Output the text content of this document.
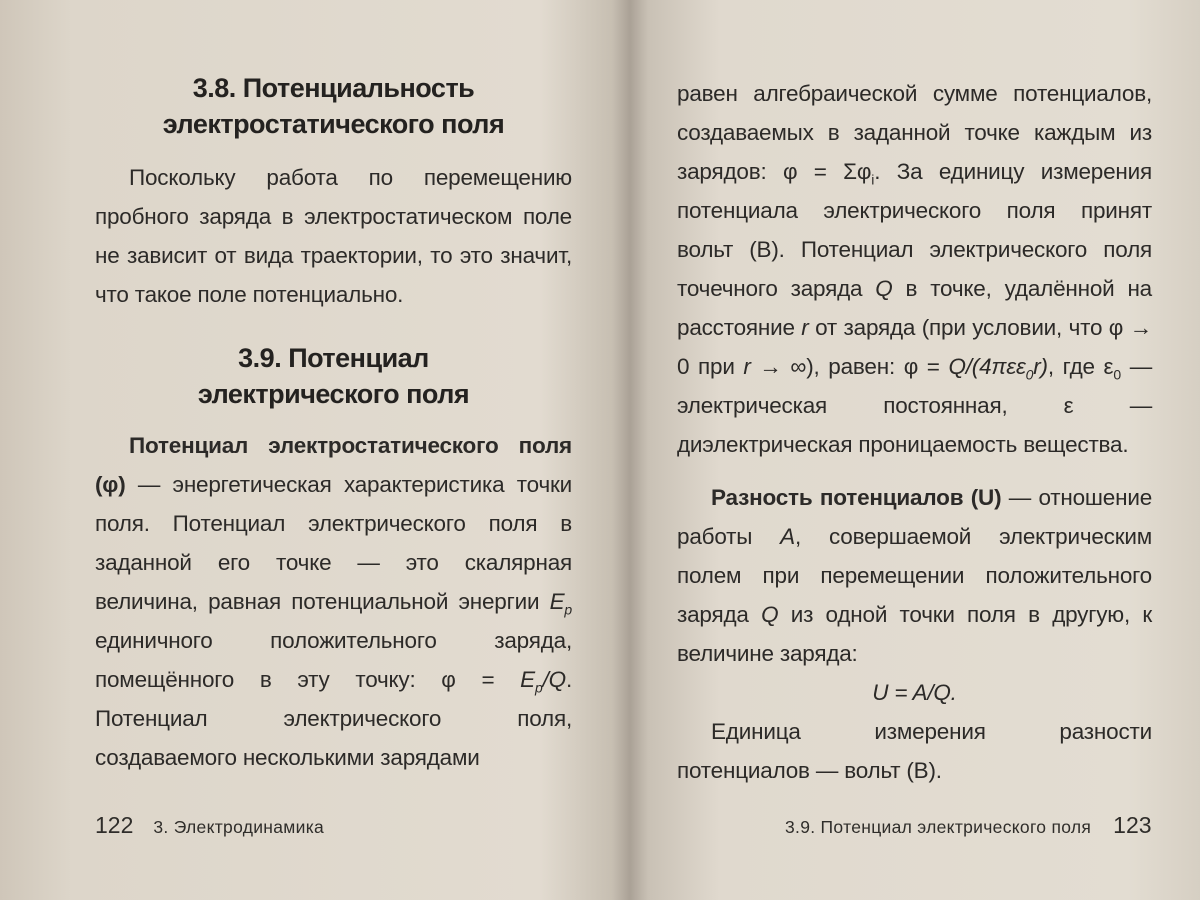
3.8. Потенциальность
электростатического поля

Поскольку работа по перемещению пробного заряда в электростатическом поле не зависит от вида траектории, то это значит, что такое поле потенциально.

3.9. Потенциал
электрического поля

Потенциал электростатического поля (φ) — энергетическая характеристика точки поля. Потенциал электрического поля в заданной его точке — это скалярная величина, равная потенциальной энергии $E_p$ единичного положительного заряда, помещённого в эту точку: $\varphi = E_p/Q$. Потенциал электрического поля, создаваемого несколькими зарядами

122 3. Электродинамика

равен алгебраической сумме потенциалов, создаваемых в заданной точке каждым из зарядов: $\varphi = \Sigma\varphi_i$. За единицу измерения потенциала электрического поля принят вольт (В). Потенциал электрического поля точечного заряда Q в точке, удалённой на расстояние r от заряда (при условии, что φ → 0 при r → ∞), равен: φ = Q/(4πεε$_0$r), где $\varepsilon_0$ — электрическая постоянная, ε — диэлектрическая проницаемость вещества.

Разность потенциалов (U) — отношение работы A, совершаемой электрическим полем при перемещении положительного заряда Q из одной точки поля в другую, к величине заряда:

U = A/Q.

Единица измерения разности потенциалов — вольт (В).

3.9. Потенциал электрического поля 123
